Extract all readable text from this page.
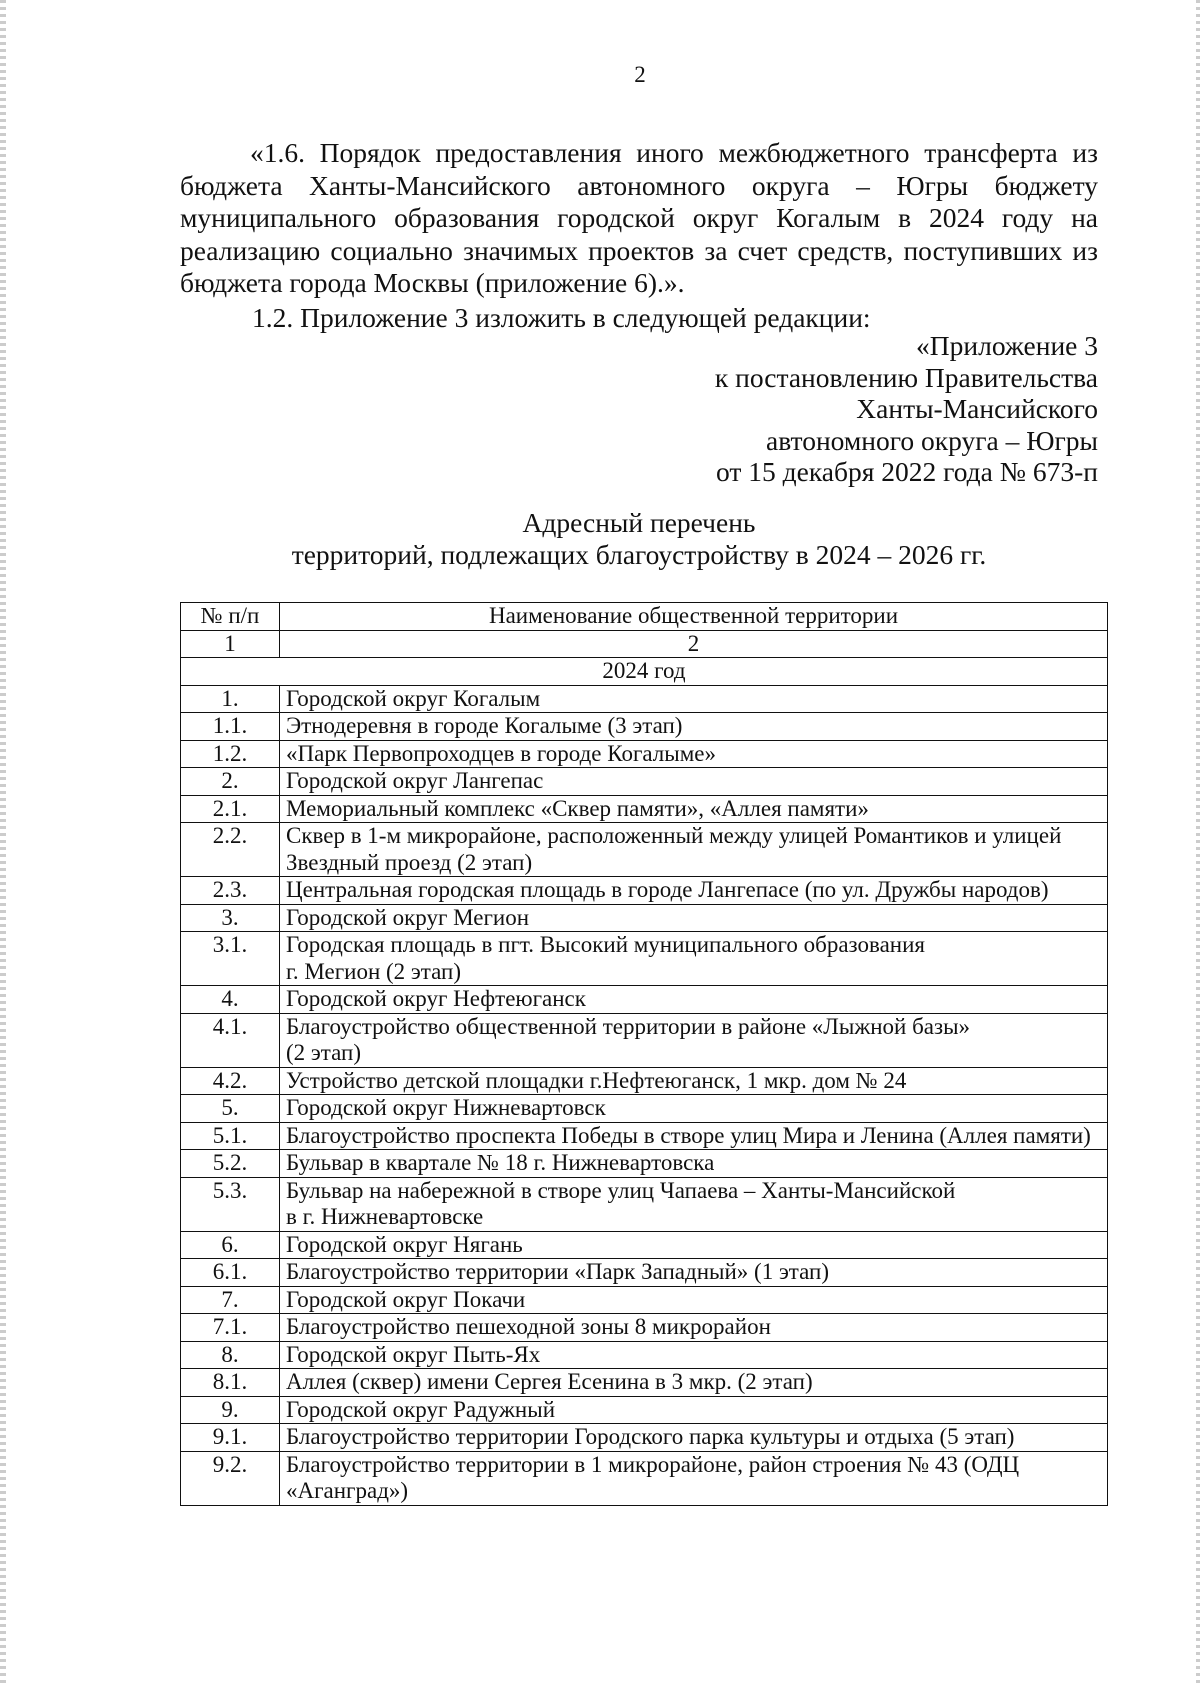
2
«1.6. Порядок предоставления иного межбюджетного трансферта из бюджета Ханты-Мансийского автономного округа – Югры бюджету муниципального образования городской округ Когалым в 2024 году на реализацию социально значимых проектов за счет средств, поступивших из бюджета города Москвы (приложение 6).».
1.2. Приложение 3 изложить в следующей редакции:
«Приложение 3
к постановлению Правительства
Ханты-Мансийского
автономного округа – Югры
от 15 декабря 2022 года № 673-п
Адресный перечень
территорий, подлежащих благоустройству в 2024 – 2026 гг.
№ п/п	Наименование общественной территории
1	2
2024 год	
1.	Городской округ Когалым
1.1.	Этнодеревня в городе Когалыме (3 этап)
1.2.	«Парк Первопроходцев в городе Когалыме»
2.	Городской округ Лангепас
2.1.	Мемориальный комплекс «Сквер памяти», «Аллея памяти»
2.2.	Сквер в 1-м микрорайоне, расположенный между улицей Романтиков и улицей Звездный проезд (2 этап)
2.3.	Центральная городская площадь в городе Лангепасе (по ул. Дружбы народов)
3.	Городской округ Мегион
3.1.	Городская площадь в пгт. Высокий муниципального образования
г. Мегион (2 этап)
4.	Городской округ Нефтеюганск
4.1.	Благоустройство общественной территории в районе «Лыжной базы»
(2 этап)
4.2.	Устройство детской площадки г.Нефтеюганск, 1 мкр. дом № 24
5.	Городской округ Нижневартовск
5.1.	Благоустройство проспекта Победы в створе улиц Мира и Ленина (Аллея памяти)
5.2.	Бульвар в квартале № 18 г. Нижневартовска
5.3.	Бульвар на набережной в створе улиц Чапаева – Ханты-Мансийской
в г. Нижневартовске
6.	Городской округ Нягань
6.1.	Благоустройство территории «Парк Западный» (1 этап)
7.	Городской округ Покачи
7.1.	Благоустройство пешеходной зоны 8 микрорайон
8.	Городской округ Пыть-Ях
8.1.	Аллея (сквер) имени Сергея Есенина в 3 мкр. (2 этап)
9.	Городской округ Радужный
9.1.	Благоустройство территории Городского парка культуры и отдыха (5 этап)
9.2.	Благоустройство территории в 1 микрорайоне, район строения № 43 (ОДЦ «Аганград»)
